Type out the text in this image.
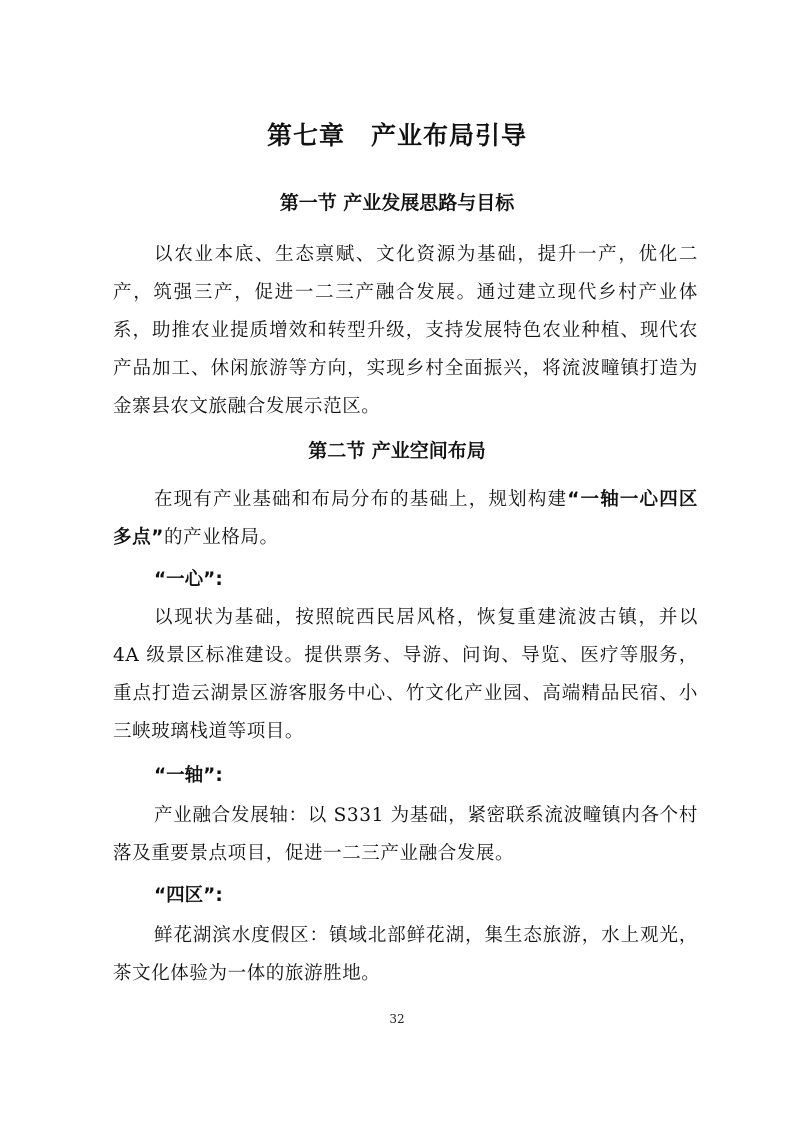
第七章 产业布局引导
第一节 产业发展思路与目标

以农业本底、生态禀赋、文化资源为基础，提升一产，优化二产，筑强三产，促进一二三产融合发展。通过建立现代乡村产业体系，助推农业提质增效和转型升级，支持发展特色农业种植、现代农产品加工、休闲旅游等方向，实现乡村全面振兴，将流波疃镇打造为金寨县农文旅融合发展示范区。

第二节 产业空间布局

在现有产业基础和布局分布的基础上，规划构建“一轴一心四区多点”的产业格局。

“一心”:

以现状为基础，按照皖西民居风格，恢复重建流波古镇，并以 4A 级景区标准建设。提供票务、导游、问询、导览、医疗等服务，重点打造云湖景区游客服务中心、竹文化产业园、高端精品民宿、小三峡玻璃栈道等项目。

“一轴”:

产业融合发展轴：以 S331 为基础，紧密联系流波疃镇内各个村落及重要景点项目，促进一二三产业融合发展。

“四区”:

鲜花湖滨水度假区：镇域北部鲜花湖，集生态旅游，水上观光，茶文化体验为一体的旅游胜地。

32
